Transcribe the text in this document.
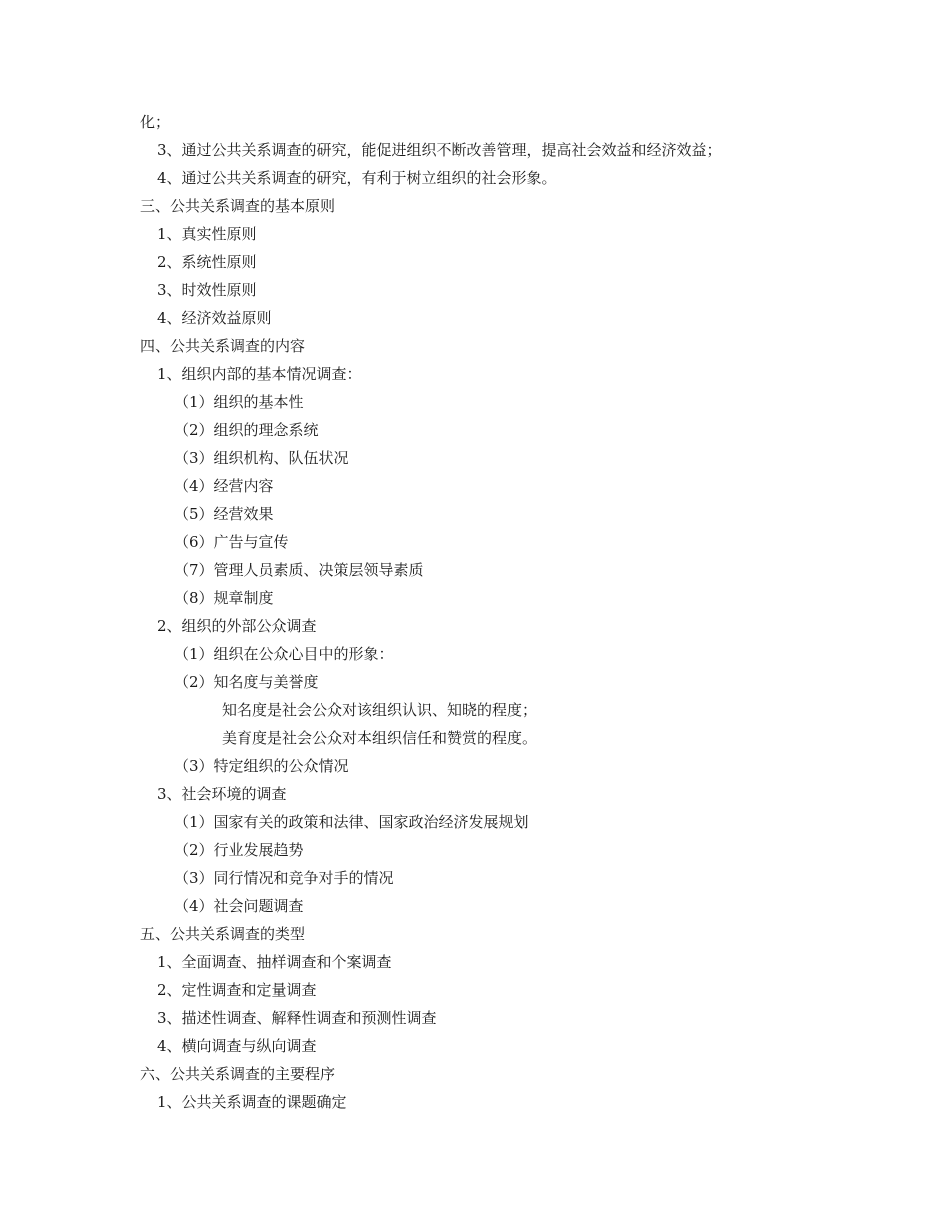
化；
3、通过公共关系调查的研究，能促进组织不断改善管理，提高社会效益和经济效益；
4、通过公共关系调查的研究，有利于树立组织的社会形象。
三、公共关系调查的基本原则
1、真实性原则
2、系统性原则
3、时效性原则
4、经济效益原则
四、公共关系调查的内容
1、组织内部的基本情况调查：
（1）组织的基本性
（2）组织的理念系统
（3）组织机构、队伍状况
（4）经营内容
（5）经营效果
（6）广告与宣传
（7）管理人员素质、决策层领导素质
（8）规章制度
2、组织的外部公众调查
（1）组织在公众心目中的形象：
（2）知名度与美誉度
知名度是社会公众对该组织认识、知晓的程度；
美育度是社会公众对本组织信任和赞赏的程度。
（3）特定组织的公众情况
3、社会环境的调查
（1）国家有关的政策和法律、国家政治经济发展规划
（2）行业发展趋势
（3）同行情况和竞争对手的情况
（4）社会问题调查
五、公共关系调查的类型
1、全面调查、抽样调查和个案调查
2、定性调查和定量调查
3、描述性调查、解释性调查和预测性调查
4、横向调查与纵向调查
六、公共关系调查的主要程序
1、公共关系调查的课题确定
